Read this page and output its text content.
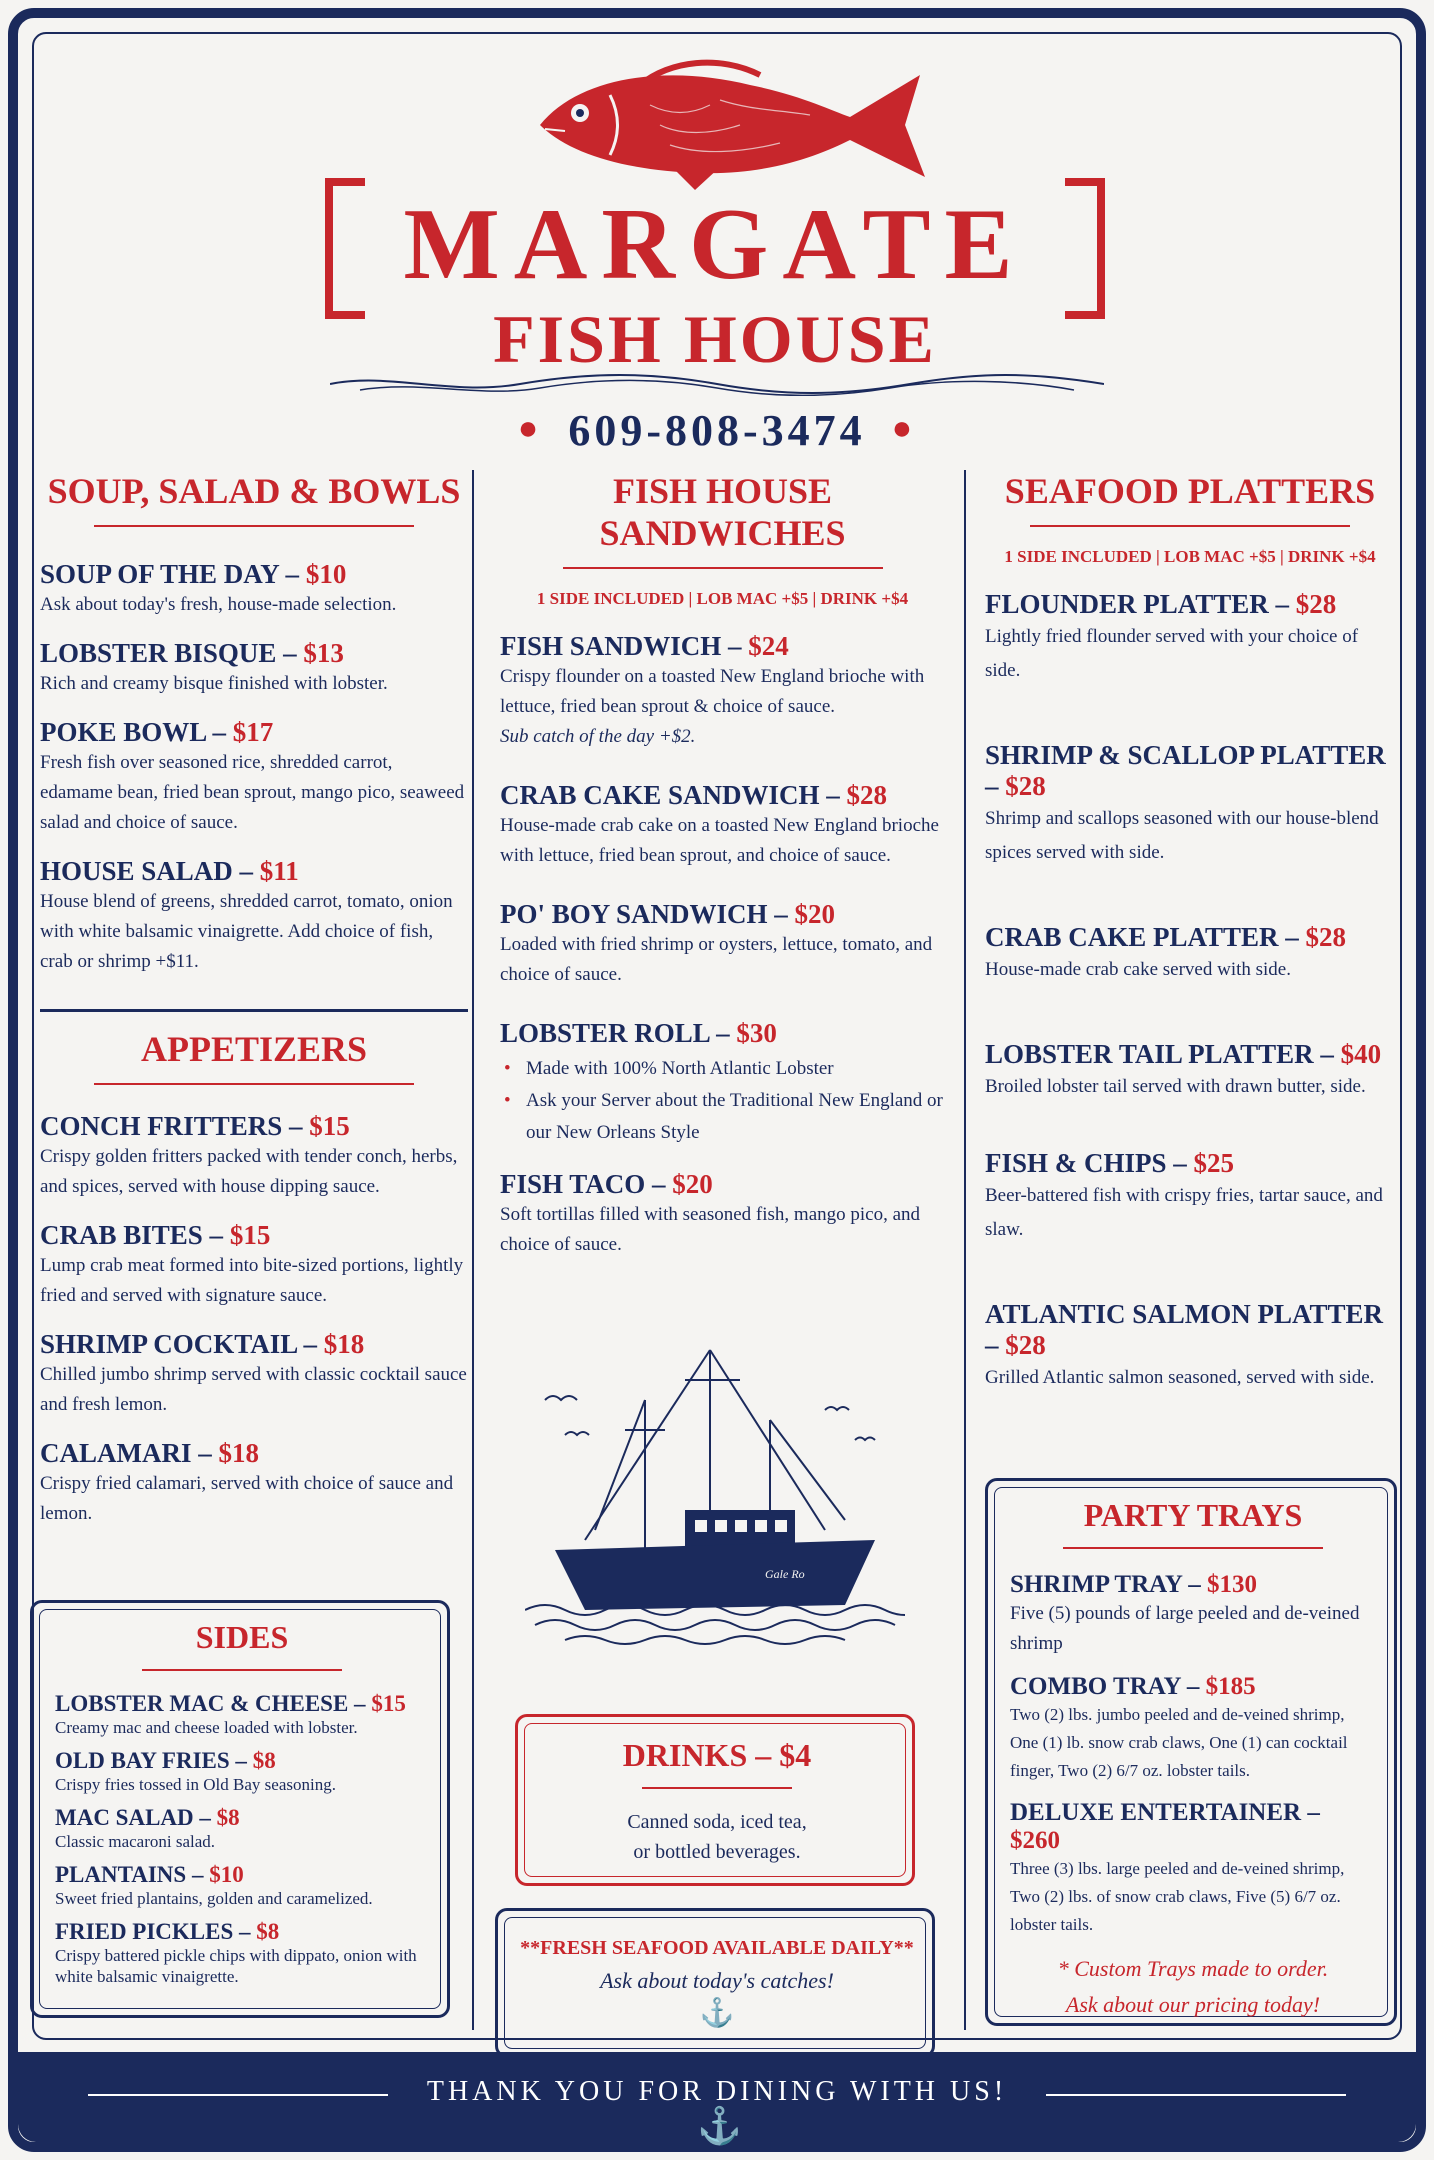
MARGATE
FISH HOUSE
● 609-808-3474 ●
SOUP, SALAD & BOWLS
SOUP OF THE DAY – $10
Ask about today's fresh, house-made selection.
LOBSTER BISQUE – $13
Rich and creamy bisque finished with lobster.
POKE BOWL – $17
Fresh fish over seasoned rice, shredded carrot, edamame bean, fried bean sprout, mango pico, seaweed salad and choice of sauce.
HOUSE SALAD – $11
House blend of greens, shredded carrot, tomato, onion with white balsamic vinaigrette. Add choice of fish, crab or shrimp +$11.
APPETIZERS
CONCH FRITTERS – $15
Crispy golden fritters packed with tender conch, herbs, and spices, served with house dipping sauce.
CRAB BITES – $15
Lump crab meat formed into bite-sized portions, lightly fried and served with signature sauce.
SHRIMP COCKTAIL – $18
Chilled jumbo shrimp served with classic cocktail sauce and fresh lemon.
CALAMARI – $18
Crispy fried calamari, served with choice of sauce and lemon.
SIDES
LOBSTER MAC & CHEESE – $15
Creamy mac and cheese loaded with lobster.
OLD BAY FRIES – $8
Crispy fries tossed in Old Bay seasoning.
MAC SALAD – $8
Classic macaroni salad.
PLANTAINS – $10
Sweet fried plantains, golden and caramelized.
FRIED PICKLES – $8
Crispy battered pickle chips with dippato, onion with white balsamic vinaigrette.
FISH HOUSE SANDWICHES
1 SIDE INCLUDED | LOB MAC +$5 | DRINK +$4
FISH SANDWICH – $24
Crispy flounder on a toasted New England brioche with lettuce, fried bean sprout & choice of sauce.
Sub catch of the day +$2.
CRAB CAKE SANDWICH – $28
House-made crab cake on a toasted New England brioche with lettuce, fried bean sprout, and choice of sauce.
PO' BOY SANDWICH – $20
Loaded with fried shrimp or oysters, lettuce, tomato, and choice of sauce.
LOBSTER ROLL – $30
• Made with 100% North Atlantic Lobster
• Ask your Server about the Traditional New England or our New Orleans Style
FISH TACO – $20
Soft tortillas filled with seasoned fish, mango pico, and choice of sauce.
Gale Ro
DRINKS – $4
Canned soda, iced tea,
or bottled beverages.
**FRESH SEAFOOD AVAILABLE DAILY**
Ask about today's catches!
⚓
SEAFOOD PLATTERS
1 SIDE INCLUDED | LOB MAC +$5 | DRINK +$4
FLOUNDER PLATTER – $28
Lightly fried flounder served with your choice of side.
SHRIMP & SCALLOP PLATTER – $28
Shrimp and scallops seasoned with our house-blend spices served with side.
CRAB CAKE PLATTER – $28
House-made crab cake served with side.
LOBSTER TAIL PLATTER – $40
Broiled lobster tail served with drawn butter, side.
FISH & CHIPS – $25
Beer-battered fish with crispy fries, tartar sauce, and slaw.
ATLANTIC SALMON PLATTER – $28
Grilled Atlantic salmon seasoned, served with side.
PARTY TRAYS
SHRIMP TRAY – $130
Five (5) pounds of large peeled and de-veined shrimp
COMBO TRAY – $185
Two (2) lbs. jumbo peeled and de-veined shrimp, One (1) lb. snow crab claws, One (1) can cocktail finger, Two (2) 6/7 oz. lobster tails.
DELUXE ENTERTAINER – $260
Three (3) lbs. large peeled and de-veined shrimp, Two (2) lbs. of snow crab claws, Five (5) 6/7 oz. lobster tails.
* Custom Trays made to order.
Ask about our pricing today!
THANK YOU FOR DINING WITH US!
⚓
